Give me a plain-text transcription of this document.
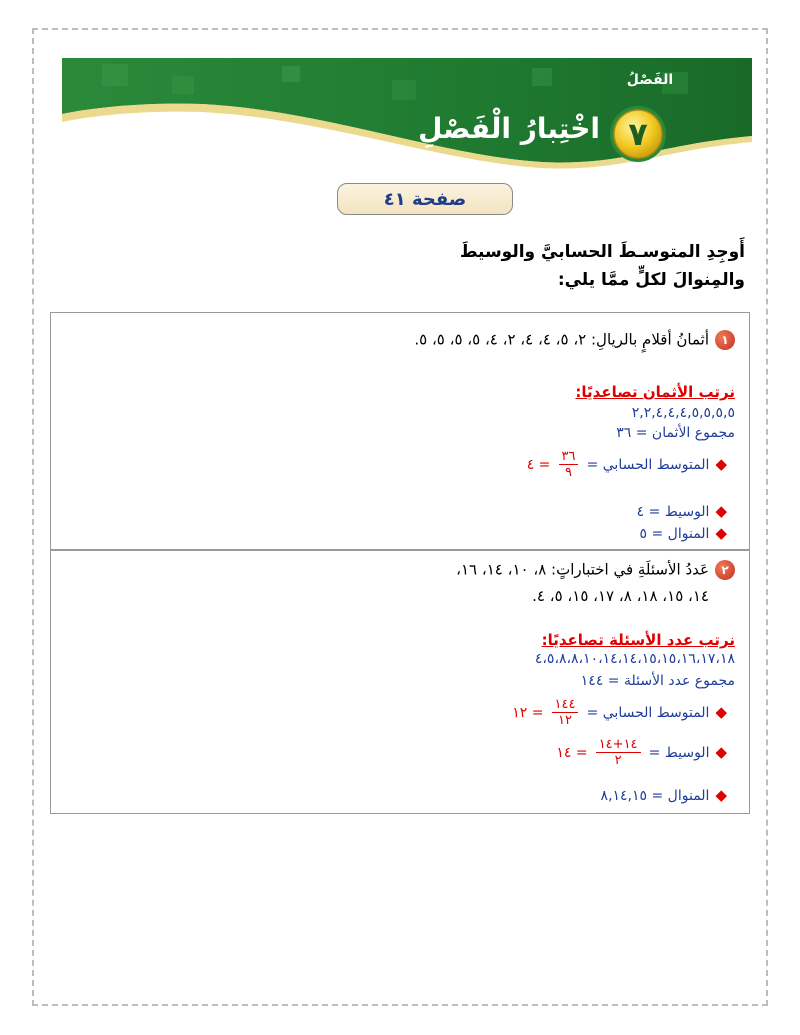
الفَصْلُ
٧
اخْتِبارُ الْفَصْلِ
صفحة ٤١
أَوجِدِ المتوسـطَ الحسابيَّ والوسيطَ والمِنوالَ لكلٍّ ممَّا يلي:
١أثمانُ أقلامٍ بالريالِ: ٢، ٥، ٤، ٤، ٢، ٤، ٥، ٥، ٥، ٥.
نرتب الأثمان تصاعديًا:
٢,٢,٤,٤,٤,٥,٥,٥,٥
مجموع الأثمان = ٣٦
◆المتوسط الحسابي =
$\frac{٣٦}{٩}$
= ٤
◆الوسيط = ٤
◆المنوال = ٥
٢عَددُ الأسئلَةِ في اختباراتٍ: ٨، ١٠، ١٤، ١٦،
١٤، ١٥، ١٨، ٨، ١٧، ١٥، ٥، ٤.
نرتب عدد الأسئلة تصاعديًا:
٤،٥،٨،٨،١٠،١٤،١٤،١٥،١٥،١٦،١٧،١٨
مجموع عدد الأسئلة = ١٤٤
◆المتوسط الحسابي =
$\frac{١٤٤}{١٢}$
= ١٢
◆الوسيط =
$\frac{١٤+١٤}{٢}$
= ١٤
◆المنوال = ٨,١٤,١٥
